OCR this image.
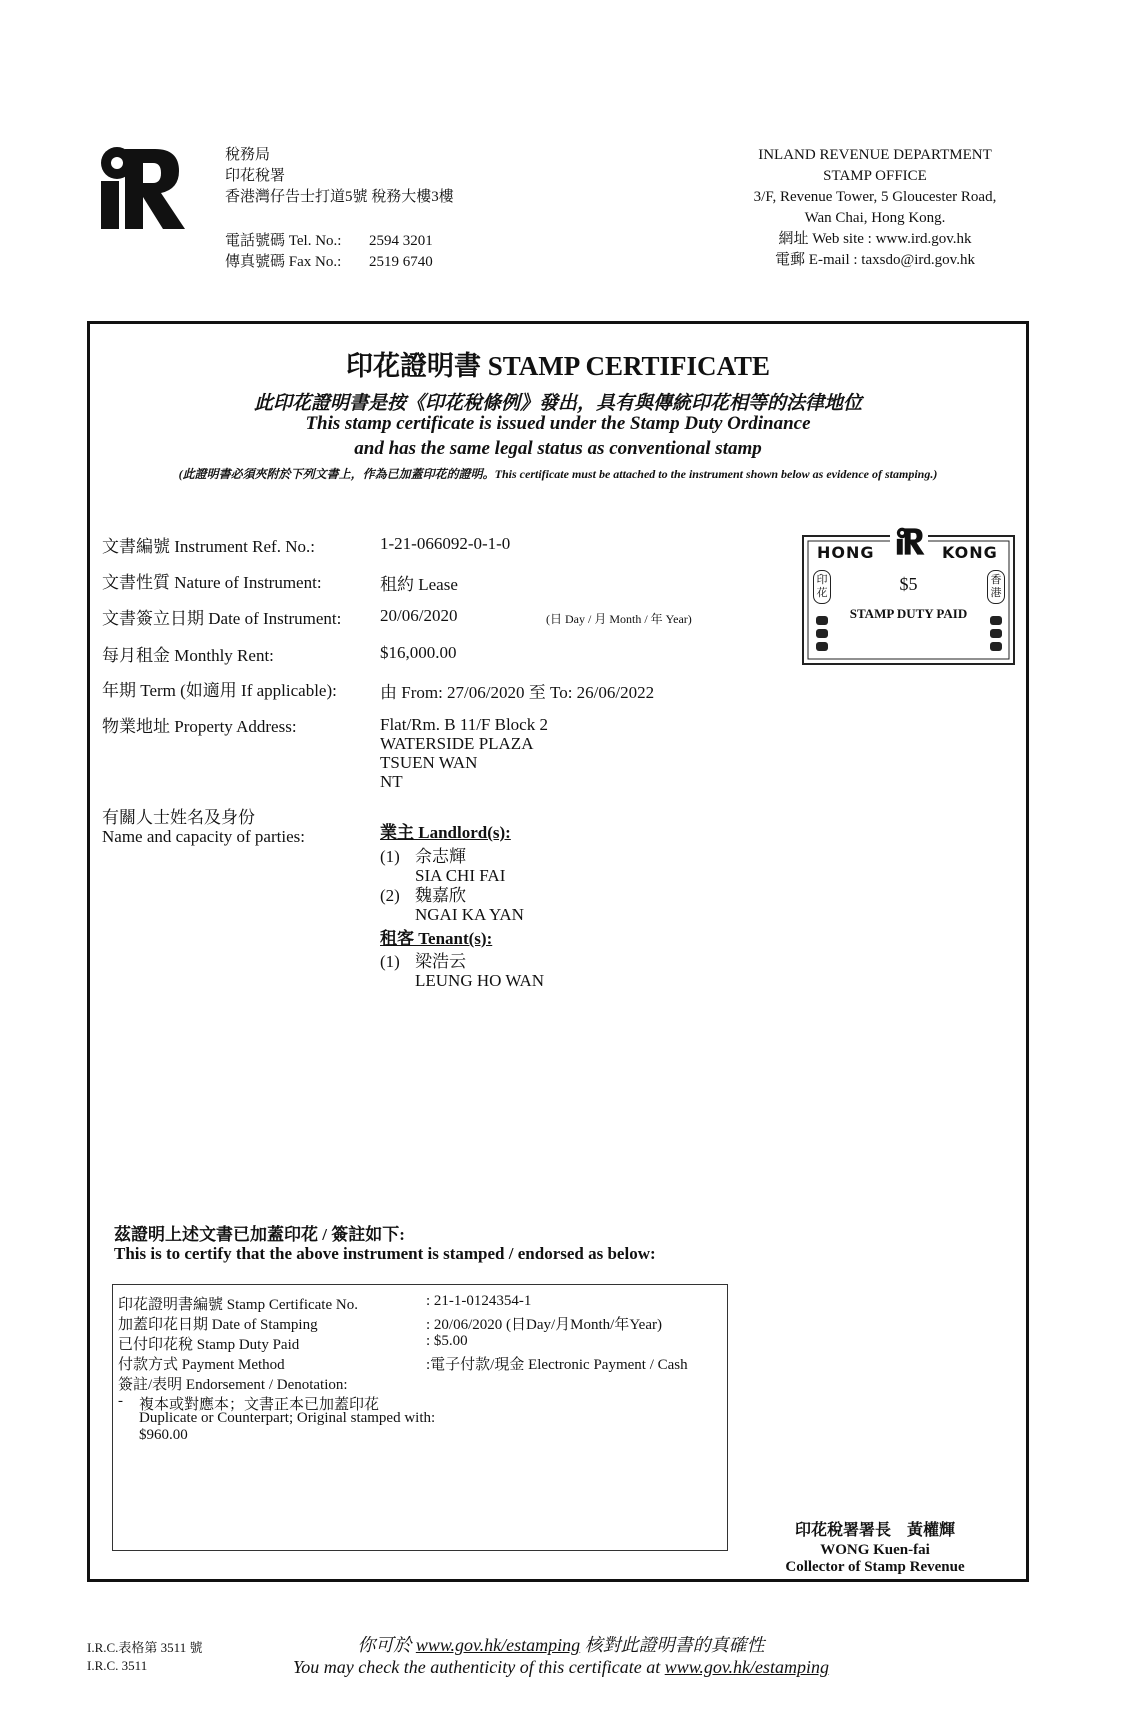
稅務局
印花稅署
香港灣仔告士打道5號 稅務大樓3樓
電話號碼 Tel. No.: 2594 3201
傳真號碼 Fax No.: 2519 6740
INLAND REVENUE DEPARTMENT
STAMP OFFICE
3/F, Revenue Tower, 5 Gloucester Road,
Wan Chai, Hong Kong.
網址 Web site : www.ird.gov.hk
電郵 E-mail : taxsdo@ird.gov.hk
印花證明書 STAMP CERTIFICATE
此印花證明書是按《印花稅條例》發出，具有與傳統印花相等的法律地位
This stamp certificate is issued under the Stamp Duty Ordinance
and has the same legal status as conventional stamp
(此證明書必須夾附於下列文書上，作為已加蓋印花的證明。This certificate must be attached to the instrument shown below as evidence of stamping.)
文書編號 Instrument Ref. No.:	1-21-066092-0-1-0
文書性質 Nature of Instrument:	租約 Lease
文書簽立日期 Date of Instrument: 20/06/2020	(日 Day / 月 Month / 年 Year)
每月租金 Monthly Rent:	$16,000.00
年期 Term (如適用 If applicable):	由 From: 27/06/2020 至 To: 26/06/2022
物業地址 Property Address:	Flat/Rm. B 11/F Block 2
WATERSIDE PLAZA
TSUEN WAN
NT
有關人士姓名及身份
Name and capacity of parties:	業主 Landlord(s):
(1) 佘志輝
SIA CHI FAI
(2) 魏嘉欣
NGAI KA YAN
租客 Tenant(s):
(1) 梁浩云
LEUNG HO WAN
HONG	KONG
$5
STAMP DUTY PAID
印花
香港
茲證明上述文書已加蓋印花 / 簽註如下:
This is to certify that the above instrument is stamped / endorsed as below:
印花證明書編號 Stamp Certificate No.	: 21-1-0124354-1
加蓋印花日期 Date of Stamping	: 20/06/2020 (日Day/月Month/年Year)
已付印花稅 Stamp Duty Paid	: $5.00
付款方式 Payment Method	:電子付款/現金 Electronic Payment / Cash
簽註/表明 Endorsement / Denotation:
- 複本或對應本；文書正本已加蓋印花
Duplicate or Counterpart; Original stamped with:
$960.00
印花稅署署長    黃權輝
WONG Kuen-fai
Collector of Stamp Revenue
I.R.C.表格第 3511 號
I.R.C. 3511
你可於 www.gov.hk/estamping 核對此證明書的真確性
You may check the authenticity of this certificate at www.gov.hk/estamping
